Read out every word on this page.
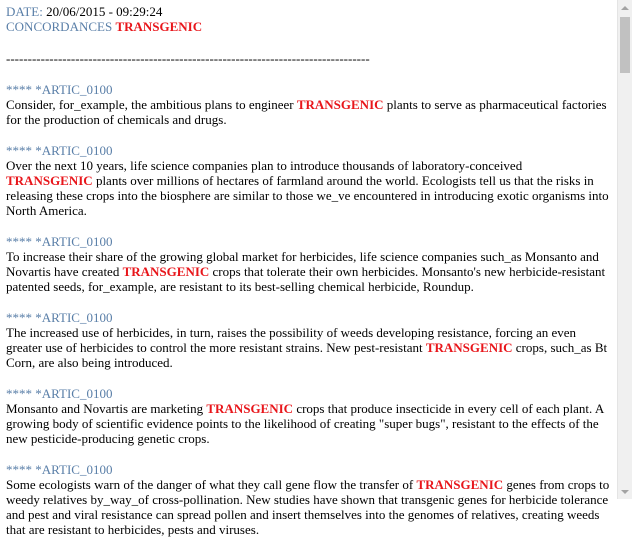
DATE: 20/06/2015 - 09:29:24
CONCORDANCES TRANSGENIC
------------------------------------------------------------------------------------
**** *ARTIC_0100
Consider, for_example, the ambitious plans to engineer TRANSGENIC plants to serve as pharmaceutical factories for the production of chemicals and drugs.
**** *ARTIC_0100
Over the next 10 years, life science companies plan to introduce thousands of laboratory-conceived TRANSGENIC plants over millions of hectares of farmland around the world. Ecologists tell us that the risks in releasing these crops into the biosphere are similar to those we_ve encountered in introducing exotic organisms into North America.
**** *ARTIC_0100
To increase their share of the growing global market for herbicides, life science companies such_as Monsanto and Novartis have created TRANSGENIC crops that tolerate their own herbicides. Monsanto's new herbicide-resistant patented seeds, for_example, are resistant to its best-selling chemical herbicide, Roundup.
**** *ARTIC_0100
The increased use of herbicides, in turn, raises the possibility of weeds developing resistance, forcing an even greater use of herbicides to control the more resistant strains. New pest-resistant TRANSGENIC crops, such_as Bt Corn, are also being introduced.
**** *ARTIC_0100
Monsanto and Novartis are marketing TRANSGENIC crops that produce insecticide in every cell of each plant. A growing body of scientific evidence points to the likelihood of creating "super bugs", resistant to the effects of the new pesticide-producing genetic crops.
**** *ARTIC_0100
Some ecologists warn of the danger of what they call gene flow the transfer of TRANSGENIC genes from crops to weedy relatives by_way_of cross-pollination. New studies have shown that transgenic genes for herbicide tolerance and pest and viral resistance can spread pollen and insert themselves into the genomes of relatives, creating weeds that are resistant to herbicides, pests and viruses.
